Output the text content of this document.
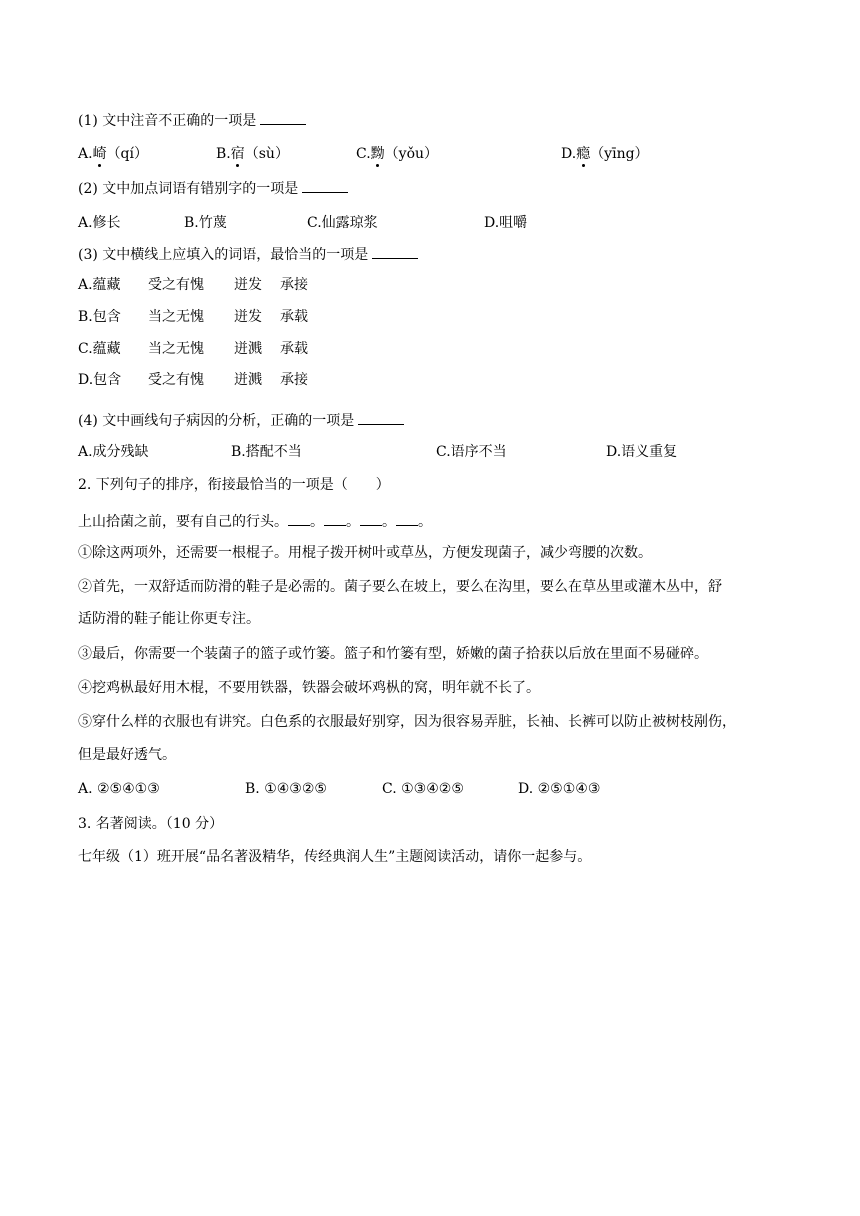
(1) 文中注音不正确的一项是
A.崎（qí）	B.宿（sù）	C.黝（yǒu）	D.瘾（yīng）
(2) 文中加点词语有错别字的一项是
A.修长	B.竹蔑	C.仙露琼浆	D.咀嚼
(3) 文中横线上应填入的词语，最恰当的一项是
A.蕴藏 受之有愧 迸发 承接
B.包含 当之无愧 迸发 承载
C.蕴藏 当之无愧 迸溅 承载
D.包含 受之有愧 迸溅 承接
(4) 文中画线句子病因的分析，正确的一项是
A.成分残缺	B.搭配不当	C.语序不当	D.语义重复
2. 下列句子的排序，衔接最恰当的一项是（　　）
上山拾菌之前，要有自己的行头。 。 。 。 。
①除这两项外，还需要一根棍子。用棍子拨开树叶或草丛，方便发现菌子，减少弯腰的次数。
②首先，一双舒适而防滑的鞋子是必需的。菌子要么在坡上，要么在沟里，要么在草丛里或灌木丛中，舒
适防滑的鞋子能让你更专注。
③最后，你需要一个装菌子的篮子或竹篓。篮子和竹篓有型，娇嫩的菌子拾获以后放在里面不易碰碎。
④挖鸡枞最好用木棍，不要用铁器，铁器会破坏鸡枞的窝，明年就不长了。
⑤穿什么样的衣服也有讲究。白色系的衣服最好别穿，因为很容易弄脏，长袖、长裤可以防止被树枝剐伤，
但是最好透气。
A. ②⑤④①③	B. ①④③②⑤	C. ①③④②⑤	D. ②⑤①④③
3. 名著阅读。（10 分）
七年级（1）班开展“品名著汲精华，传经典润人生”主题阅读活动，请你一起参与。
